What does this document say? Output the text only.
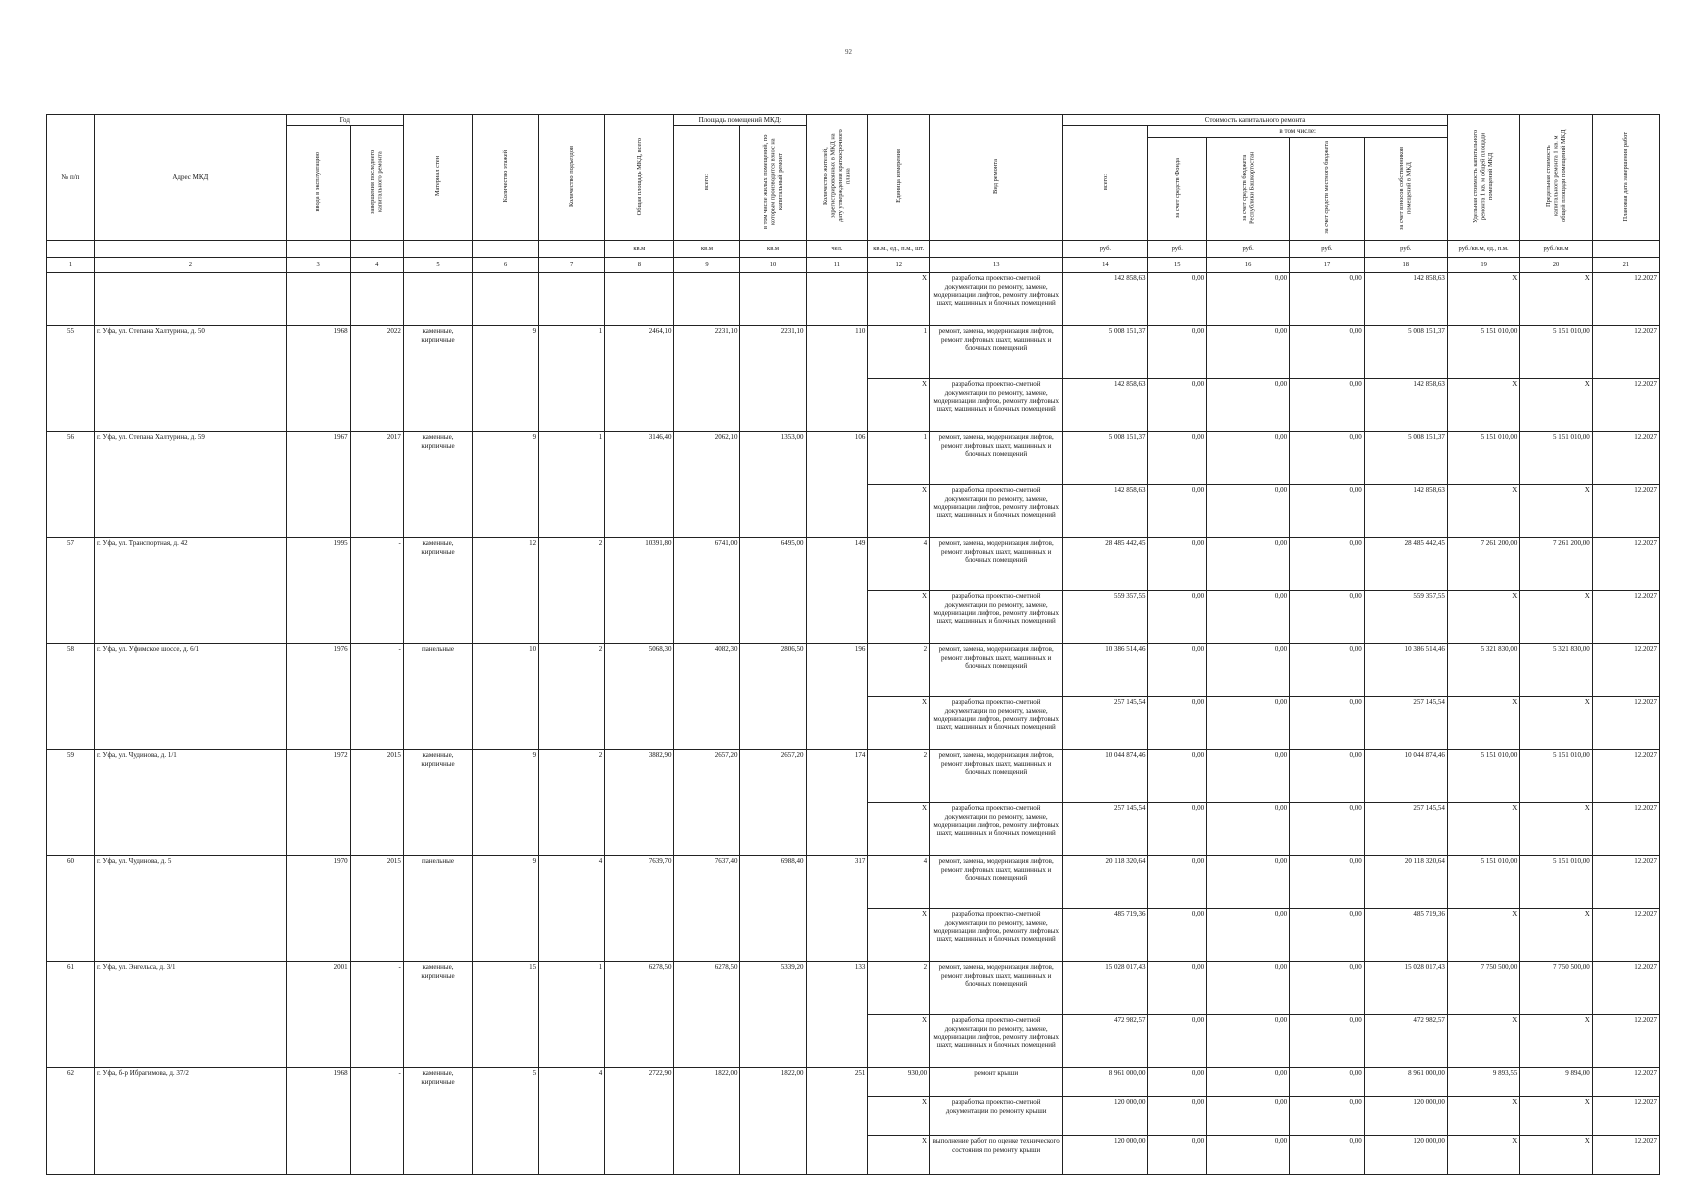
92
№ п/п	Адрес МКД	Год		Материал стен	Количество этажей	Количество подъездов	Общая площадь МКД, всего	Площадь помещений МКД:		Количество жителей, зарегистрированных в МКД на дату утверждения краткосрочного плана	Единица измерения	Вид ремонта	Стоимость капитального ремонта					Удельная стоимость капитального ремонта 1 кв. м общей площади помещений МКД	Предельная стоимость капитального ремонта 1 кв. м общей площади помещений МКД	Плановая дата завершения работ
		ввода в эксплуатацию	завершения последнего капитального ремонта					всего:	в том числе жилых помещений, по которым производится взнос на капитальный ремонт				всего:	в том числе:						
														за счет средств Фонда	за счет средств бюджета Республики Башкортостан	за счет средств местного бюджета	за счет взносов собственников помещений в МКД			
							кв.м	кв.м	кв.м	чел.	кв.м., ед., п.м., шт.		руб.	руб.	руб.	руб.	руб.	руб./кв.м, ед., п.м.	руб./кв.м	
1	2	3	4	5	6	7	8	9	10	11	12	13	14	15	16	17	18	19	20	21
											X	разработка проектно-сметной документации по ремонту, замене, модернизации лифтов, ремонту лифтовых шахт, машинных и блочных помещений	142 858,63	0,00	0,00	0,00	142 858,63	X	X	12.2027
55	г. Уфа, ул. Степана Халтурина, д. 50	1968	2022	каменные, кирпичные	9	1	2464,10	2231,10	2231,10	110	1	ремонт, замена, модернизация лифтов, ремонт лифтовых шахт, машинных и блочных помещений	5 008 151,37	0,00	0,00	0,00	5 008 151,37	5 151 010,00	5 151 010,00	12.2027
											X	разработка проектно-сметной документации по ремонту, замене, модернизации лифтов, ремонту лифтовых шахт, машинных и блочных помещений	142 858,63	0,00	0,00	0,00	142 858,63	X	X	12.2027
56	г. Уфа, ул. Степана Халтурина, д. 59	1967	2017	каменные, кирпичные	9	1	3146,40	2062,10	1353,00	106	1	ремонт, замена, модернизация лифтов, ремонт лифтовых шахт, машинных и блочных помещений	5 008 151,37	0,00	0,00	0,00	5 008 151,37	5 151 010,00	5 151 010,00	12.2027
											X	разработка проектно-сметной документации по ремонту, замене, модернизации лифтов, ремонту лифтовых шахт, машинных и блочных помещений	142 858,63	0,00	0,00	0,00	142 858,63	X	X	12.2027
57	г. Уфа, ул. Транспортная, д. 42	1995	-	каменные, кирпичные	12	2	10391,80	6741,00	6495,00	149	4	ремонт, замена, модернизация лифтов, ремонт лифтовых шахт, машинных и блочных помещений	28 485 442,45	0,00	0,00	0,00	28 485 442,45	7 261 200,00	7 261 200,00	12.2027
											X	разработка проектно-сметной документации по ремонту, замене, модернизации лифтов, ремонту лифтовых шахт, машинных и блочных помещений	559 357,55	0,00	0,00	0,00	559 357,55	X	X	12.2027
58	г. Уфа, ул. Уфимское шоссе, д. 6/1	1976	-	панельные	10	2	5068,30	4082,30	2806,50	196	2	ремонт, замена, модернизация лифтов, ремонт лифтовых шахт, машинных и блочных помещений	10 386 514,46	0,00	0,00	0,00	10 386 514,46	5 321 830,00	5 321 830,00	12.2027
											X	разработка проектно-сметной документации по ремонту, замене, модернизации лифтов, ремонту лифтовых шахт, машинных и блочных помещений	257 145,54	0,00	0,00	0,00	257 145,54	X	X	12.2027
59	г. Уфа, ул. Чудинова, д. 1/1	1972	2015	каменные, кирпичные	9	2	3882,90	2657,20	2657,20	174	2	ремонт, замена, модернизация лифтов, ремонт лифтовых шахт, машинных и блочных помещений	10 044 874,46	0,00	0,00	0,00	10 044 874,46	5 151 010,00	5 151 010,00	12.2027
											X	разработка проектно-сметной документации по ремонту, замене, модернизации лифтов, ремонту лифтовых шахт, машинных и блочных помещений	257 145,54	0,00	0,00	0,00	257 145,54	X	X	12.2027
60	г. Уфа, ул. Чудинова, д. 5	1970	2015	панельные	9	4	7639,70	7637,40	6988,40	317	4	ремонт, замена, модернизация лифтов, ремонт лифтовых шахт, машинных и блочных помещений	20 118 320,64	0,00	0,00	0,00	20 118 320,64	5 151 010,00	5 151 010,00	12.2027
											X	разработка проектно-сметной документации по ремонту, замене, модернизации лифтов, ремонту лифтовых шахт, машинных и блочных помещений	485 719,36	0,00	0,00	0,00	485 719,36	X	X	12.2027
61	г. Уфа, ул. Энгельса, д. 3/1	2001	-	каменные, кирпичные	15	1	6278,50	6278,50	5339,20	133	2	ремонт, замена, модернизация лифтов, ремонт лифтовых шахт, машинных и блочных помещений	15 028 017,43	0,00	0,00	0,00	15 028 017,43	7 750 500,00	7 750 500,00	12.2027
											X	разработка проектно-сметной документации по ремонту, замене, модернизации лифтов, ремонту лифтовых шахт, машинных и блочных помещений	472 982,57	0,00	0,00	0,00	472 982,57	X	X	12.2027
62	г. Уфа, б-р Ибрагимова, д. 37/2	1968	-	каменные, кирпичные	5	4	2722,90	1822,00	1822,00	251	930,00	ремонт крыши	8 961 000,00	0,00	0,00	0,00	8 961 000,00	9 893,55	9 894,00	12.2027
											X	разработка проектно-сметной документации по ремонту крыши	120 000,00	0,00	0,00	0,00	120 000,00	X	X	12.2027
											X	выполнение работ по оценке технического состояния по ремонту крыши	120 000,00	0,00	0,00	0,00	120 000,00	X	X	12.2027
